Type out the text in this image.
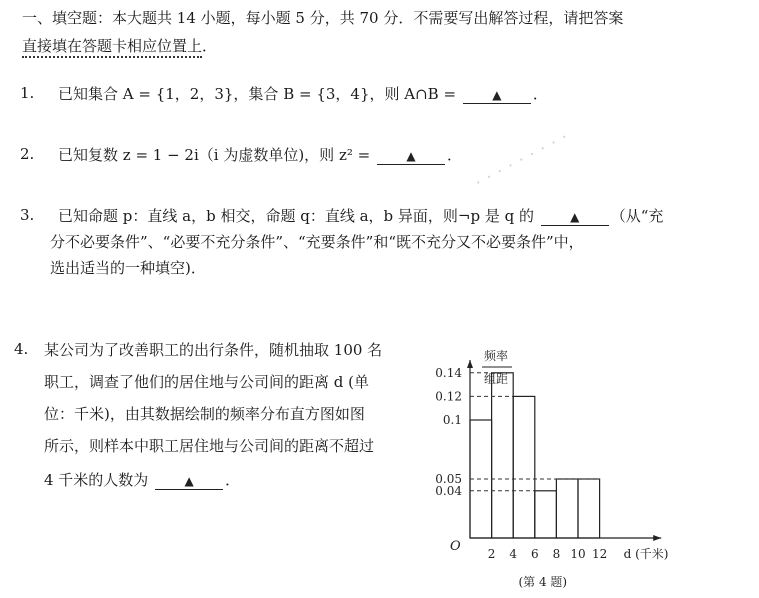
一、填空题：本大题共 14 小题，每小题 5 分，共 70 分．不需要写出解答过程，请把答案
直接填在答题卡相应位置上．
1. 已知集合 A = {1，2，3}，集合 B = {3，4}，则 A∩B =	▲ ．
2. 已知复数 z = 1 − 2i（i 为虚数单位)，则 z² =	▲ ．
3. 已知命题 p：直线 a，b 相交，命题 q：直线 a，b 异面，则¬p 是 q 的	▲ （从“充
分不必要条件”、“必要不充分条件”、“充要条件”和“既不充分又不必要条件”中，
选出适当的一种填空)．
4. 某公司为了改善职工的出行条件，随机抽取 100 名
职工，调查了他们的居住地与公司间的距离 d (单
位：千米)，由其数据绘制的频率分布直方图如图
所示，则样本中职工居住地与公司间的距离不超过
4 千米的人数为	▲ ．
· · · · · · · · ·
0.14
0.12
0.1
0.05
0.04
2 4 6 8 10 12
O	d (千米)
频率
组距
(第 4 题)
